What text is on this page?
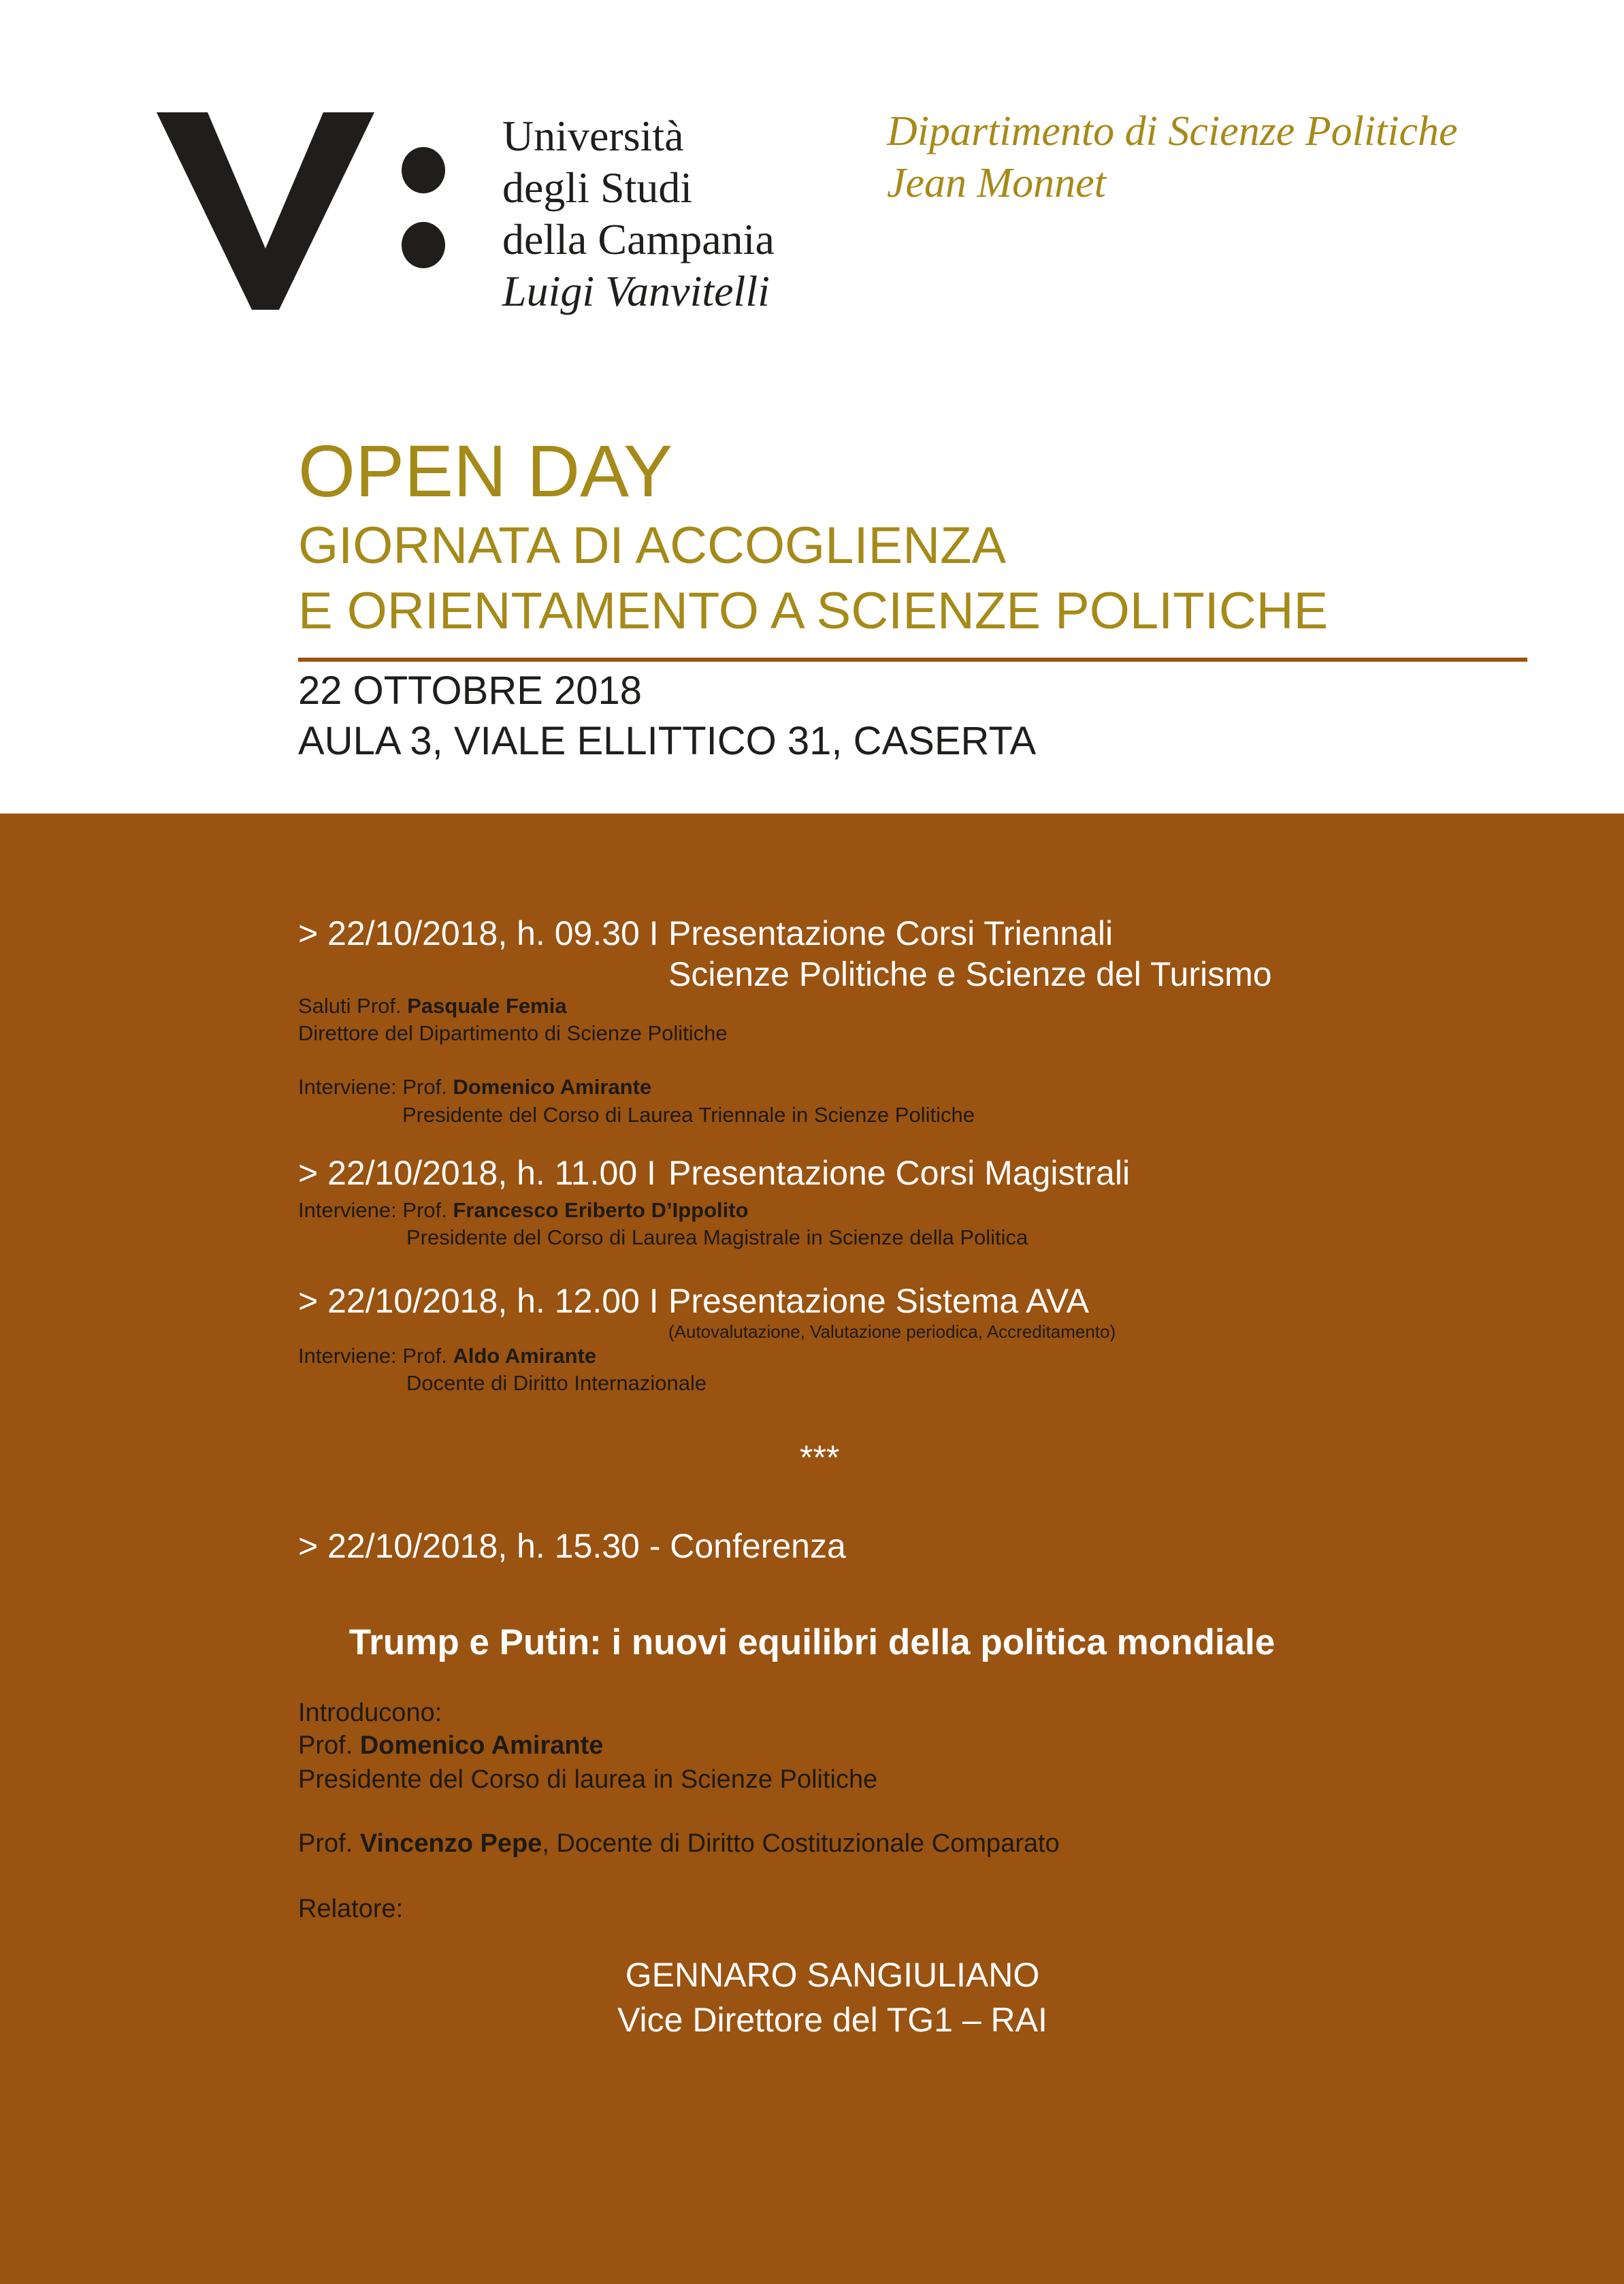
Università
degli Studi
della Campania
Luigi Vanvitelli
Dipartimento di Scienze Politiche
Jean Monnet
OPEN DAY
GIORNATA DI ACCOGLIENZA
E ORIENTAMENTO A SCIENZE POLITICHE
22 OTTOBRE 2018
AULA 3, VIALE ELLITTICO 31, CASERTA
> 22/10/2018, h. 09.30 I Presentazione Corsi Triennali
Scienze Politiche e Scienze del Turismo
Saluti Prof. Pasquale Femia
Direttore del Dipartimento di Scienze Politiche
Interviene: Prof. Domenico Amirante
Presidente del Corso di Laurea Triennale in Scienze Politiche
> 22/10/2018, h. 11.00 I Presentazione Corsi Magistrali
Interviene: Prof. Francesco Eriberto D’Ippolito
Presidente del Corso di Laurea Magistrale in Scienze della Politica
> 22/10/2018, h. 12.00 I Presentazione Sistema AVA
(Autovalutazione, Valutazione periodica, Accreditamento)
Interviene: Prof. Aldo Amirante
Docente di Diritto Internazionale
***
> 22/10/2018, h. 15.30 - Conferenza
Trump e Putin: i nuovi equilibri della politica mondiale
Introducono:
Prof. Domenico Amirante
Presidente del Corso di laurea in Scienze Politiche
Prof. Vincenzo Pepe, Docente di Diritto Costituzionale Comparato
Relatore:
GENNARO SANGIULIANO
Vice Direttore del TG1 – RAI
